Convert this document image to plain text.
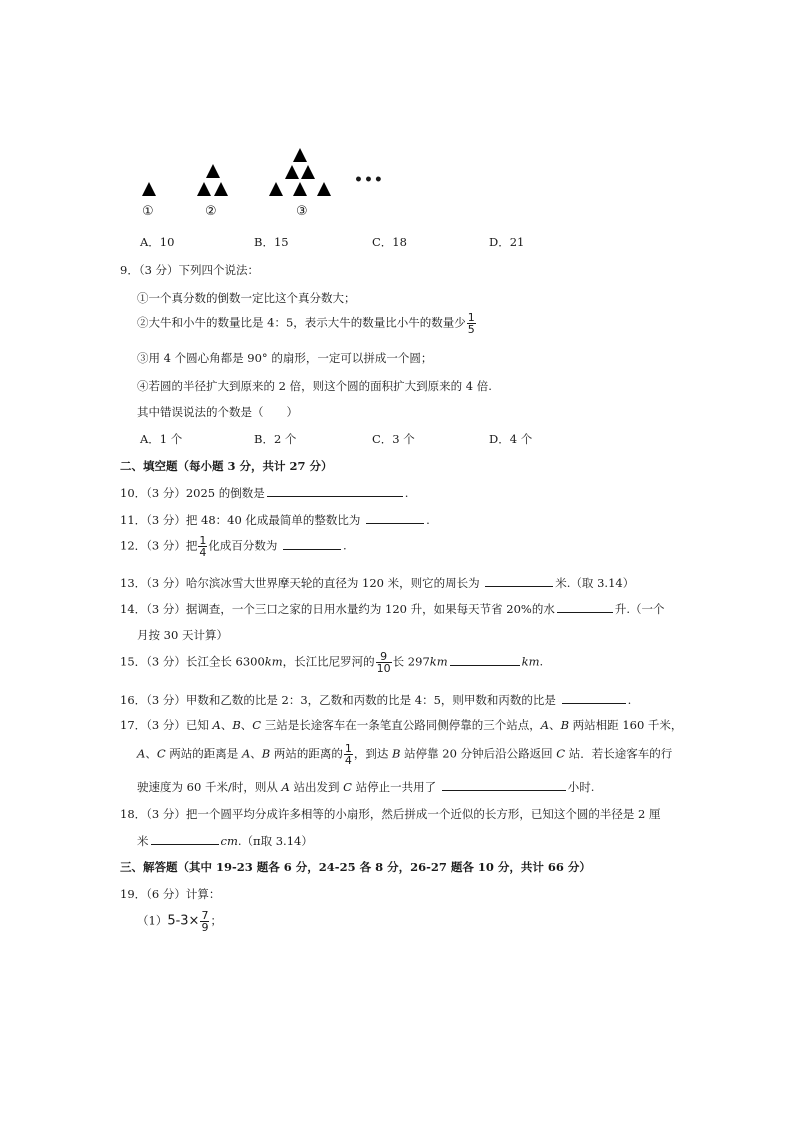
①	②	③
•••
A．10	B．15	C．18	D．21
9．（3 分）下列四个说法：
①一个真分数的倒数一定比这个真分数大；
②大牛和小牛的数量比是 4：5，表示大牛的数量比小牛的数量少 $\frac{1}{5}$
③用 4 个圆心角都是 90° 的扇形，一定可以拼成一个圆；
④若圆的半径扩大到原来的 2 倍，则这个圆的面积扩大到原来的 4 倍.
其中错误说法的个数是（　　）
A．1 个	B．2 个	C．3 个	D．4 个
二、填空题（每小题 3 分，共计 27 分）
10．（3 分）2025 的倒数是	.
11．（3 分）把 48：40 化成最简单的整数比为	.
12．（3 分）把 $\frac{1}{4}$ 化成百分数为	.
13．（3 分）哈尔滨冰雪大世界摩天轮的直径为 120 米，则它的周长为	米.（取 3.14）
14．（3 分）据调查，一个三口之家的日用水量约为 120 升，如果每天节省 20%的水	升.（一个
月按 30 天计算）
15．（3 分）长江全长 6300km，长江比尼罗河的 $\frac{9}{10}$ 长 297km	km.
16．（3 分）甲数和乙数的比是 2：3，乙数和丙数的比是 4：5，则甲数和丙数的比是	.
17．（3 分）已知 A、B、C 三站是长途客车在一条笔直公路同侧停靠的三个站点，A、B 两站相距 160 千米，
A、C 两站的距离是 A、B 两站的距离的 $\frac{1}{4}$ ，到达 B 站停靠 20 分钟后沿公路返回 C 站．若长途客车的行
驶速度为 60 千米/时，则从 A 站出发到 C 站停止一共用了	小时.
18．（3 分）把一个圆平均分成许多相等的小扇形，然后拼成一个近似的长方形，已知这个圆的半径是 2 厘
米	cm.（π取 3.14）
三、解答题（其中 19-23 题各 6 分，24-25 各 8 分，26-27 题各 10 分，共计 66 分）
19．（6 分）计算：
$(1)5-3\times \frac{7}{9}$ ；
